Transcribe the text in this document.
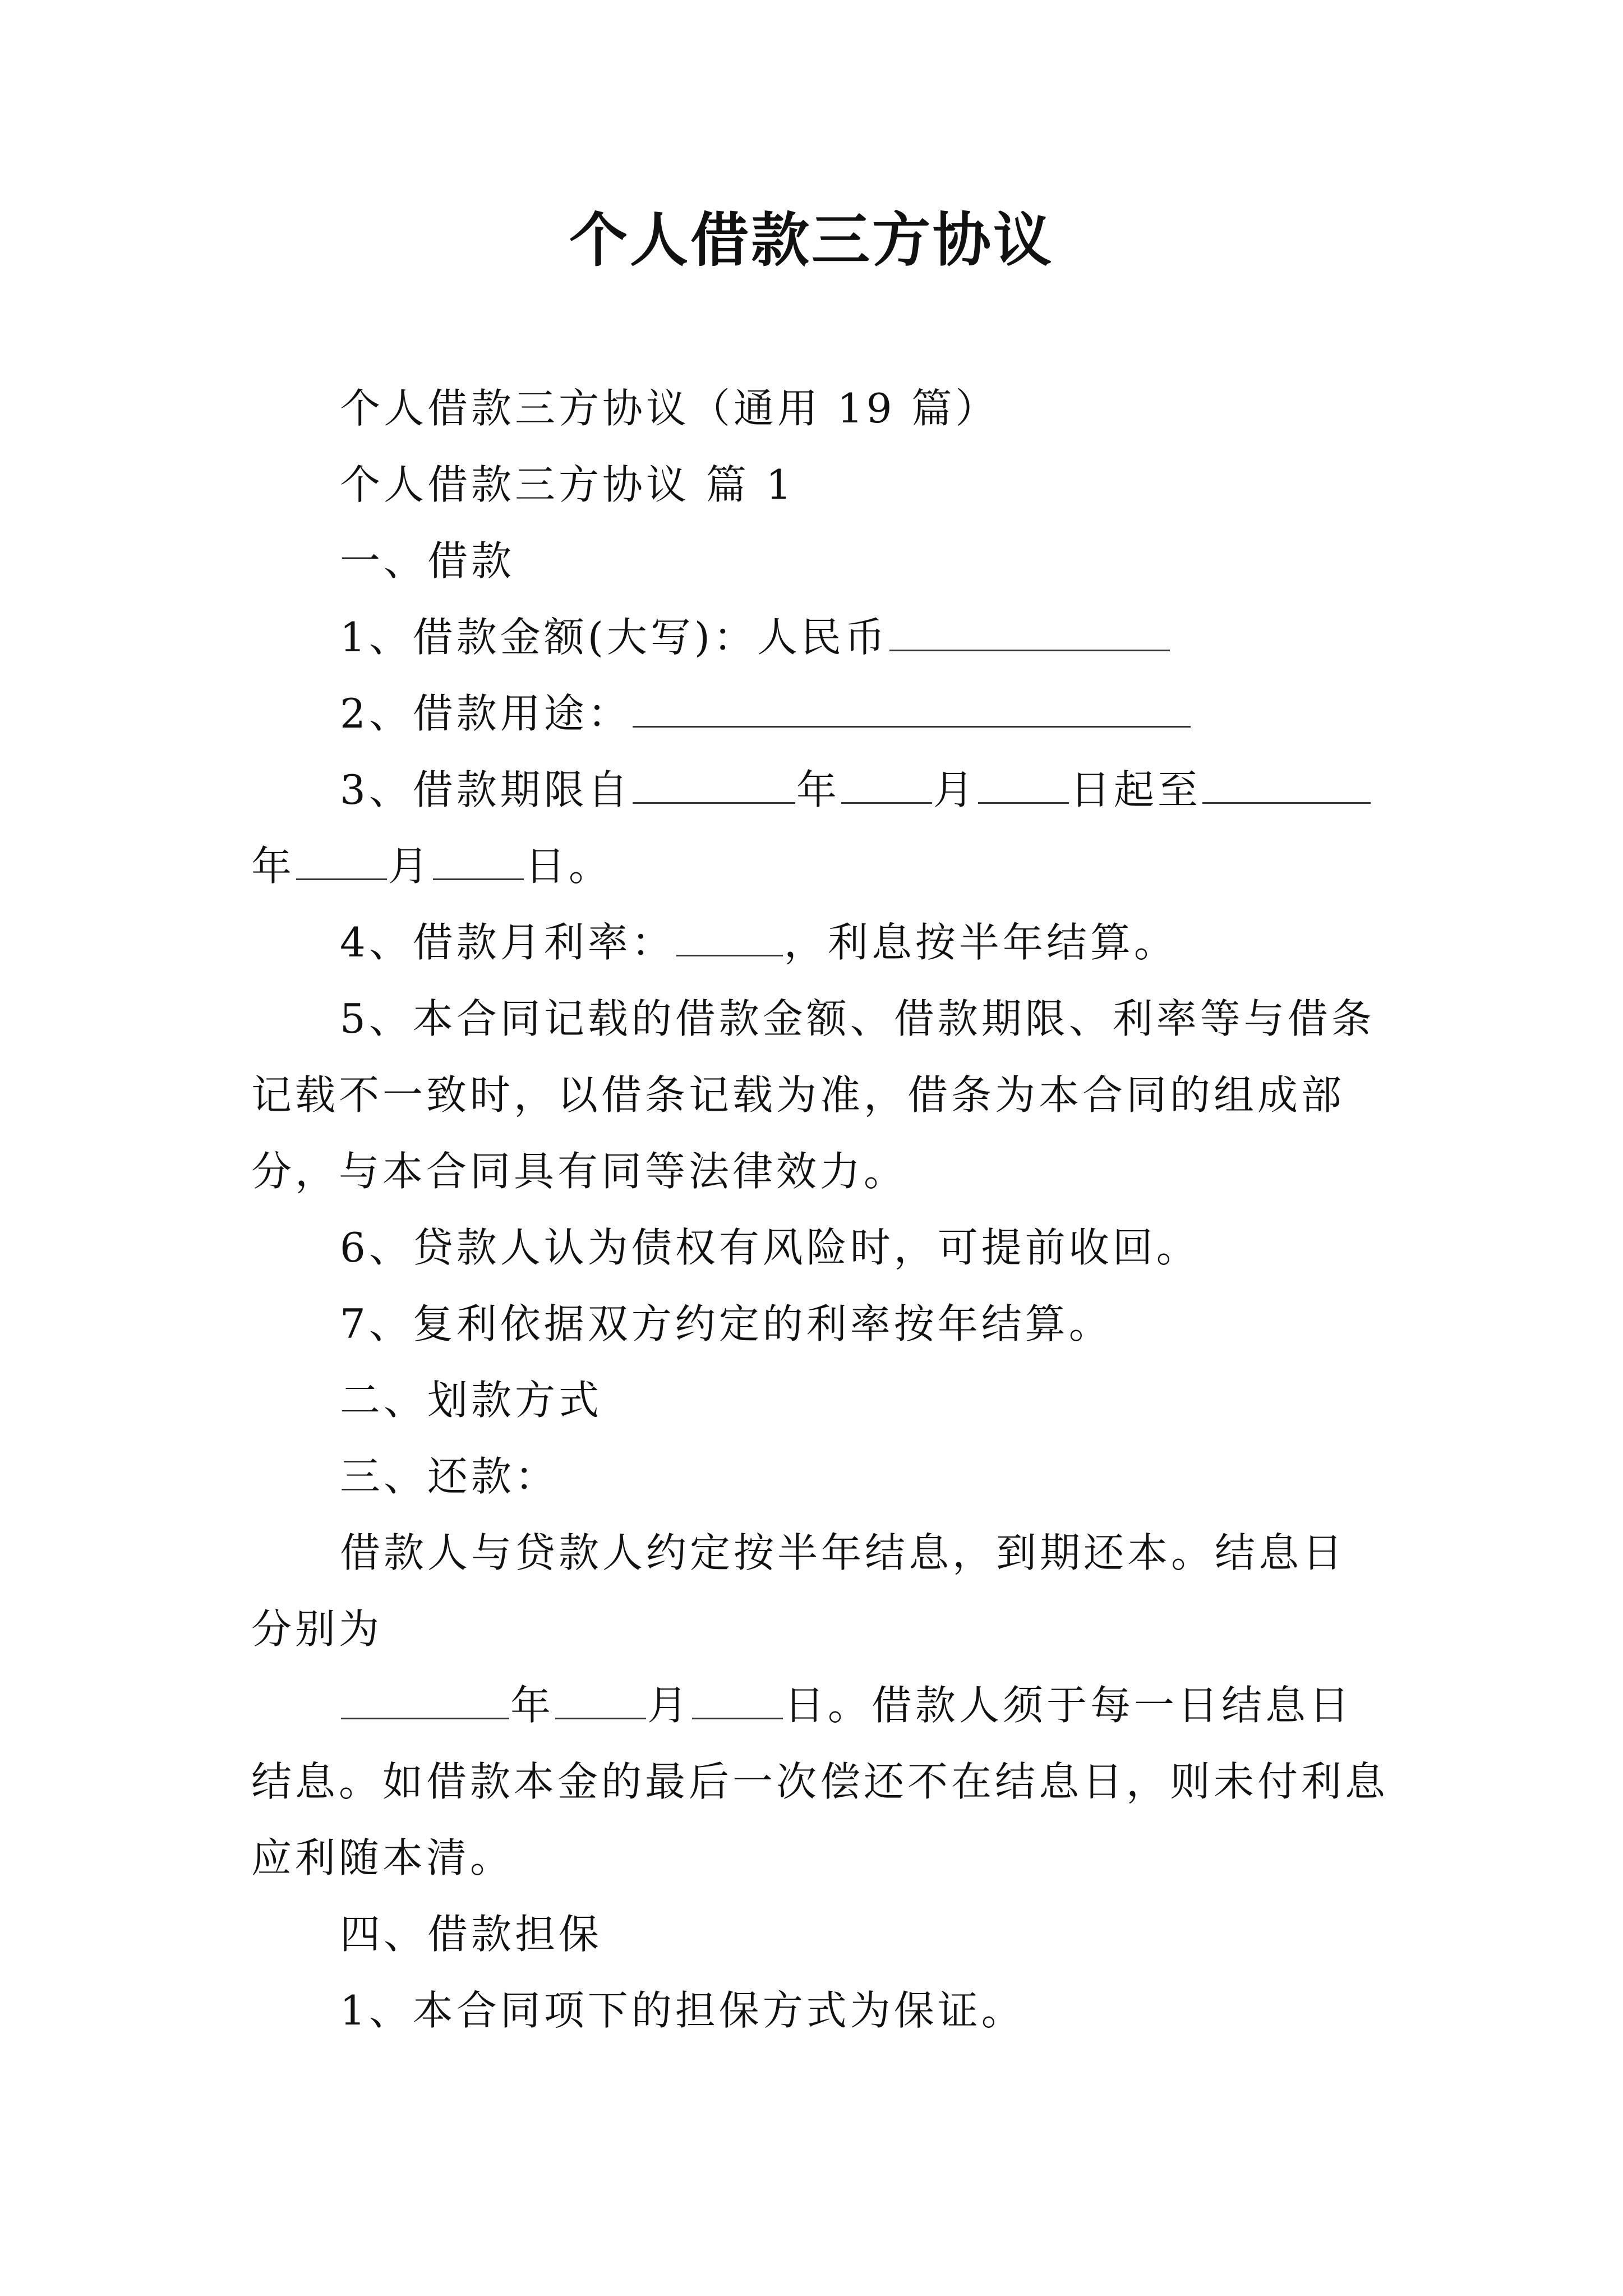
个人借款三方协议

个人借款三方协议（通用 19 篇）

个人借款三方协议 篇 1

一、借款

1、借款金额(大写)：人民币

2、借款用途：

3、借款期限自	年 月 日起至年 月 日。

4、借款月利率：	，利息按半年结算。

5、本合同记载的借款金额、借款期限、利率等与借条记载不一致时，以借条记载为准，借条为本合同的组成部分，与本合同具有同等法律效力。

6、贷款人认为债权有风险时，可提前收回。

7、复利依据双方约定的利率按年结算。

二、划款方式

三、还款：

借款人与贷款人约定按半年结息，到期还本。结息日分别为

年 月 日。借款人须于每一日结息日结息。如借款本金的最后一次偿还不在结息日，则未付利息应利随本清。

四、借款担保

1、本合同项下的担保方式为保证。
